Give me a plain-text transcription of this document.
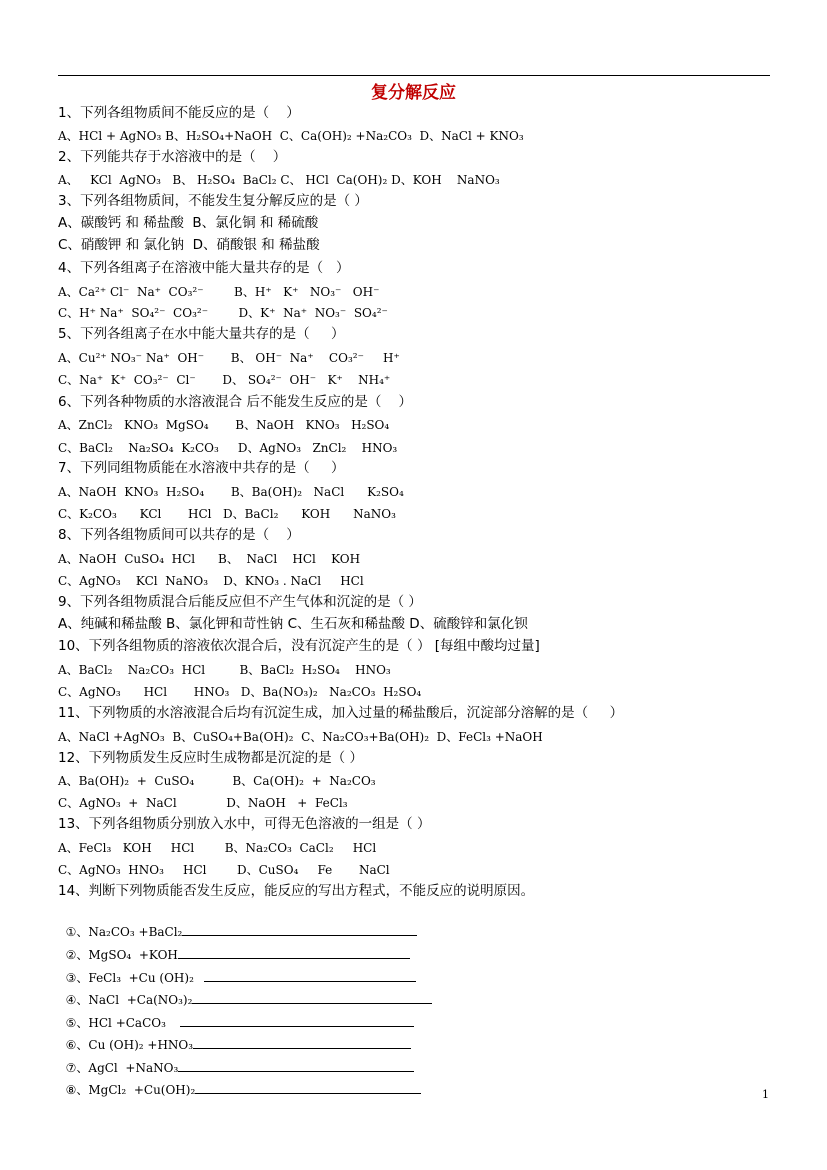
复分解反应
1、下列各组物质间不能反应的是（    ）
A、HCl + AgNO₃ B、H₂SO₄+NaOH  C、Ca(OH)₂ +Na₂CO₃  D、NaCl + KNO₃
2、下列能共存于水溶液中的是（    ）
A、   KCl  AgNO₃   B、 H₂SO₄  BaCl₂ C、 HCl  Ca(OH)₂ D、KOH    NaNO₃
3、下列各组物质间，不能发生复分解反应的是（ ）
A、碳酸钙 和 稀盐酸  B、氯化铜 和 稀硫酸
C、硝酸钾 和 氯化钠  D、硝酸银 和 稀盐酸
4、下列各组离子在溶液中能大量共存的是（   ）
A、Ca²⁺ Cl⁻  Na⁺  CO₃²⁻        B、H⁺   K⁺   NO₃⁻   OH⁻
C、H⁺ Na⁺  SO₄²⁻  CO₃²⁻        D、K⁺  Na⁺  NO₃⁻  SO₄²⁻
5、下列各组离子在水中能大量共存的是（     ）
A、Cu²⁺ NO₃⁻ Na⁺  OH⁻       B、 OH⁻  Na⁺    CO₃²⁻     H⁺
C、Na⁺  K⁺  CO₃²⁻  Cl⁻       D、 SO₄²⁻  OH⁻   K⁺    NH₄⁺
6、下列各种物质的水溶液混合 后不能发生反应的是（    ）
A、ZnCl₂   KNO₃  MgSO₄       B、NaOH   KNO₃   H₂SO₄
C、BaCl₂    Na₂SO₄  K₂CO₃     D、AgNO₃   ZnCl₂    HNO₃
7、下列同组物质能在水溶液中共存的是（     ）
A、NaOH  KNO₃  H₂SO₄       B、Ba(OH)₂   NaCl      K₂SO₄
C、K₂CO₃      KCl       HCl   D、BaCl₂      KOH      NaNO₃
8、下列各组物质间可以共存的是（    ）
A、NaOH  CuSO₄  HCl      B、  NaCl    HCl    KOH
C、AgNO₃    KCl  NaNO₃    D、KNO₃ . NaCl     HCl
9、下列各组物质混合后能反应但不产生气体和沉淀的是（ ）
A、纯碱和稀盐酸 B、氯化钾和苛性钠 C、生石灰和稀盐酸 D、硫酸锌和氯化钡
10、下列各组物质的溶液依次混合后，没有沉淀产生的是（ ） [每组中酸均过量]
A、BaCl₂    Na₂CO₃  HCl         B、BaCl₂  H₂SO₄    HNO₃
C、AgNO₃      HCl       HNO₃   D、Ba(NO₃)₂   Na₂CO₃  H₂SO₄
11、下列物质的水溶液混合后均有沉淀生成，加入过量的稀盐酸后，沉淀部分溶解的是（     ）
A、NaCl +AgNO₃  B、CuSO₄+Ba(OH)₂  C、Na₂CO₃+Ba(OH)₂  D、FeCl₃ +NaOH
12、下列物质发生反应时生成物都是沉淀的是（ ）
A、Ba(OH)₂  +  CuSO₄          B、Ca(OH)₂  +  Na₂CO₃
C、AgNO₃  +  NaCl             D、NaOH   +  FeCl₃
13、下列各组物质分别放入水中，可得无色溶液的一组是（ ）
A、FeCl₃   KOH     HCl        B、Na₂CO₃  CaCl₂     HCl
C、AgNO₃  HNO₃     HCl        D、CuSO₄     Fe       NaCl
14、判断下列物质能否发生反应，能反应的写出方程式，不能反应的说明原因。

①、Na₂CO₃ +BaCl₂

②、MgSO₄  +KOH

③、FeCl₃  +Cu (OH)₂

④、NaCl  +Ca(NO₃)₂

⑤、HCl +CaCO₃

⑥、Cu (OH)₂ +HNO₃

⑦、AgCl  +NaNO₃

⑧、MgCl₂  +Cu(OH)₂	1
